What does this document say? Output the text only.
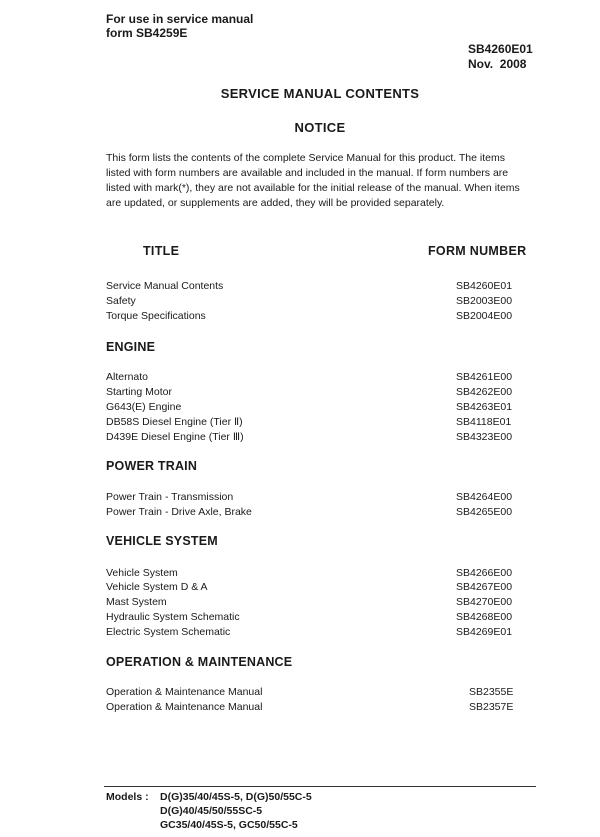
For use in service manual
form SB4259E
SB4260E01
Nov.  2008
SERVICE MANUAL CONTENTS
NOTICE
This form lists the contents of the complete Service Manual for this product. The items listed with form numbers are available and included in the manual. If form numbers are listed with mark(*), they are not available for the initial release of the manual. When items are updated, or supplements are added, they will be provided separately.
TITLE	FORM NUMBER
Service Manual Contents	SB4260E01
Safety	SB2003E00
Torque Specifications	SB2004E00
ENGINE
Alternato	SB4261E00
Starting Motor	SB4262E00
G643(E) Engine	SB4263E01
DB58S Diesel Engine (Tier Ⅱ)	SB4118E01
D439E Diesel Engine (Tier Ⅲ)	SB4323E00
POWER TRAIN
Power Train - Transmission	SB4264E00
Power Train - Drive Axle, Brake	SB4265E00
VEHICLE SYSTEM
Vehicle System	SB4266E00
Vehicle System D & A	SB4267E00
Mast System	SB4270E00
Hydraulic System Schematic	SB4268E00
Electric System Schematic	SB4269E01
OPERATION & MAINTENANCE
Operation & Maintenance Manual	SB2355E
Operation & Maintenance Manual	SB2357E
Models : D(G)35/40/45S-5, D(G)50/55C-5
D(G)40/45/50/55SC-5
GC35/40/45S-5, GC50/55C-5
